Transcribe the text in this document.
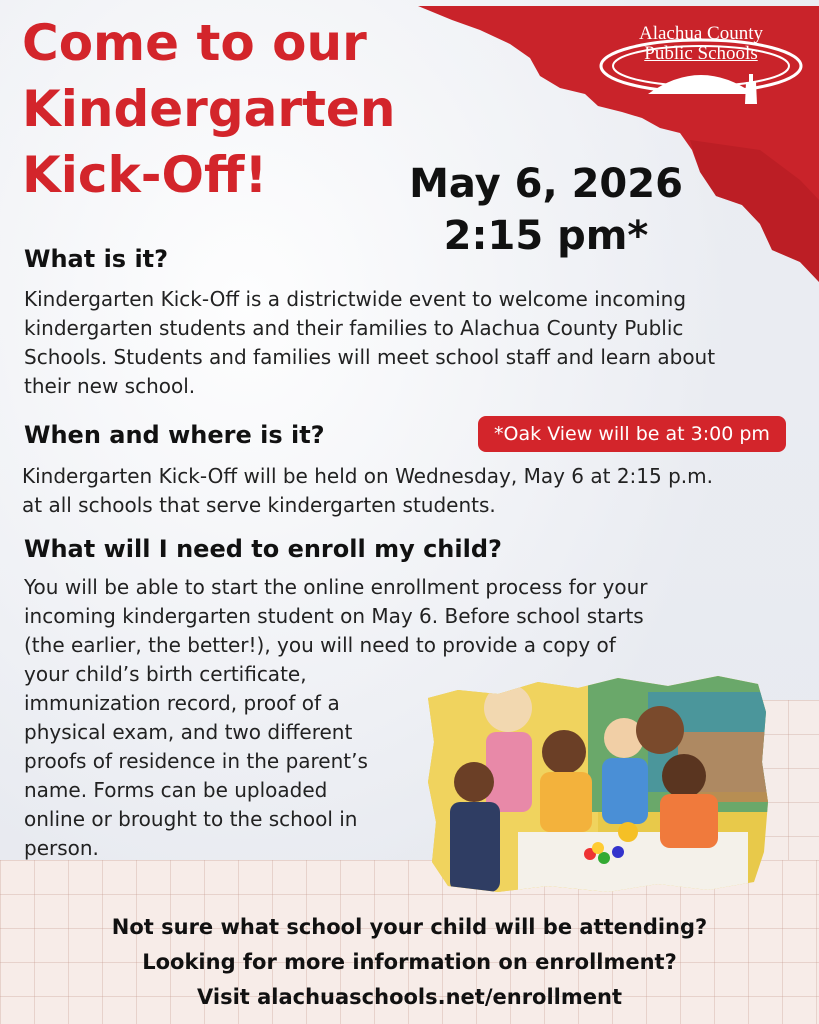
Alachua County
Public Schools
Come to our
Kindergarten
Kick-Off!	May 6, 2026
2:15 pm*
What is it?
Kindergarten Kick-Off is a districtwide event to welcome incoming
kindergarten students and their families to Alachua County Public
Schools. Students and families will meet school staff and learn about
their new school.
When and where is it?	*Oak View will be at 3:00 pm
Kindergarten Kick-Off will be held on Wednesday, May 6 at 2:15 p.m.
at all schools that serve kindergarten students.
What will I need to enroll my child?
You will be able to start the online enrollment process for your
incoming kindergarten student on May 6. Before school starts
(the earlier, the better!), you will need to provide a copy of
your child’s birth certificate,
immunization record, proof of a
physical exam, and two different
proofs of residence in the parent’s
name. Forms can be uploaded
online or brought to the school in
person.
Not sure what school your child will be attending?
Looking for more information on enrollment?
Visit alachuaschools.net/enrollment
